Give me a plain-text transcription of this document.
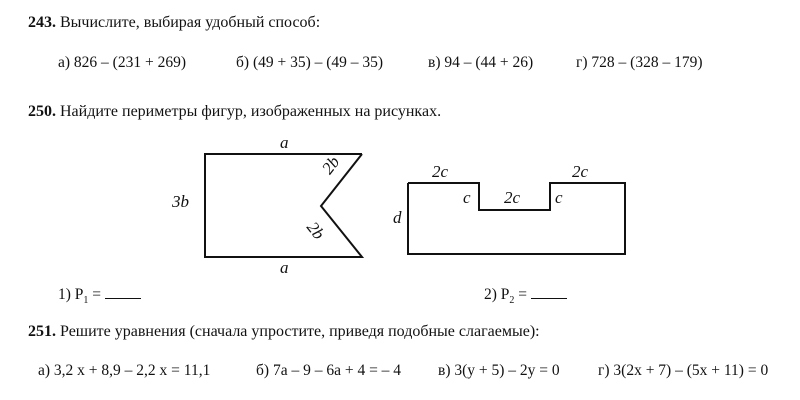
243. Вычислите, выбирая удобный способ:
а) 826 – (231 + 269)	б) (49 + 35) – (49 – 35)	в) 94 – (44 + 26)	г) 728 – (328 – 179)
250. Найдите периметры фигур, изображенных на рисунках.
a
a
3b
2b
2b
2c	2c
c 2c c
d
1) $P_1$ =	2) $P_2$ =
251. Решите уравнения (сначала упростите, приведя подобные слагаемые):
а) 3,2 x + 8,9 – 2,2 x = 11,1	б) 7a – 9 – 6a + 4 = – 4 в) 3(y + 5) – 2y = 0 г) 3(2x + 7) – (5x + 11) = 0
